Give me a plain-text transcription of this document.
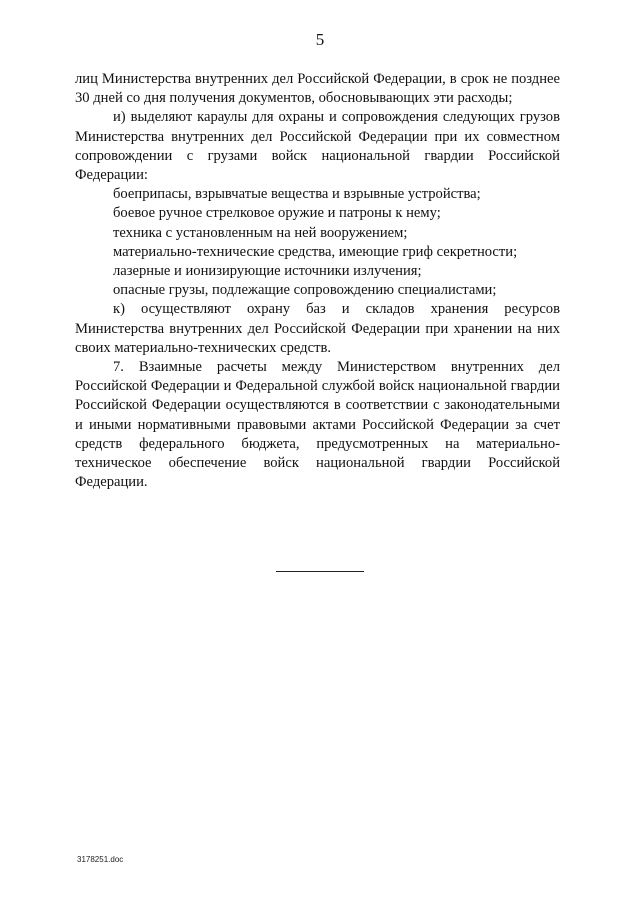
5

лиц Министерства внутренних дел Российской Федерации, в срок не позднее 30 дней со дня получения документов, обосновывающих эти расходы;

и) выделяют караулы для охраны и сопровождения следующих грузов Министерства внутренних дел Российской Федерации при их совместном сопровождении с грузами войск национальной гвардии Российской Федерации:

боеприпасы, взрывчатые вещества и взрывные устройства;

боевое ручное стрелковое оружие и патроны к нему;

техника с установленным на ней вооружением;

материально-технические средства, имеющие гриф секретности;

лазерные и ионизирующие источники излучения;

опасные грузы, подлежащие сопровождению специалистами;

к) осуществляют охрану баз и складов хранения ресурсов Министерства внутренних дел Российской Федерации при хранении на них своих материально-технических средств.

7. Взаимные расчеты между Министерством внутренних дел Российской Федерации и Федеральной службой войск национальной гвардии Российской Федерации осуществляются в соответствии с законодательными и иными нормативными правовыми актами Российской Федерации за счет средств федерального бюджета, предусмотренных на материально-техническое обеспечение войск национальной гвардии Российской Федерации.

3178251.doc
